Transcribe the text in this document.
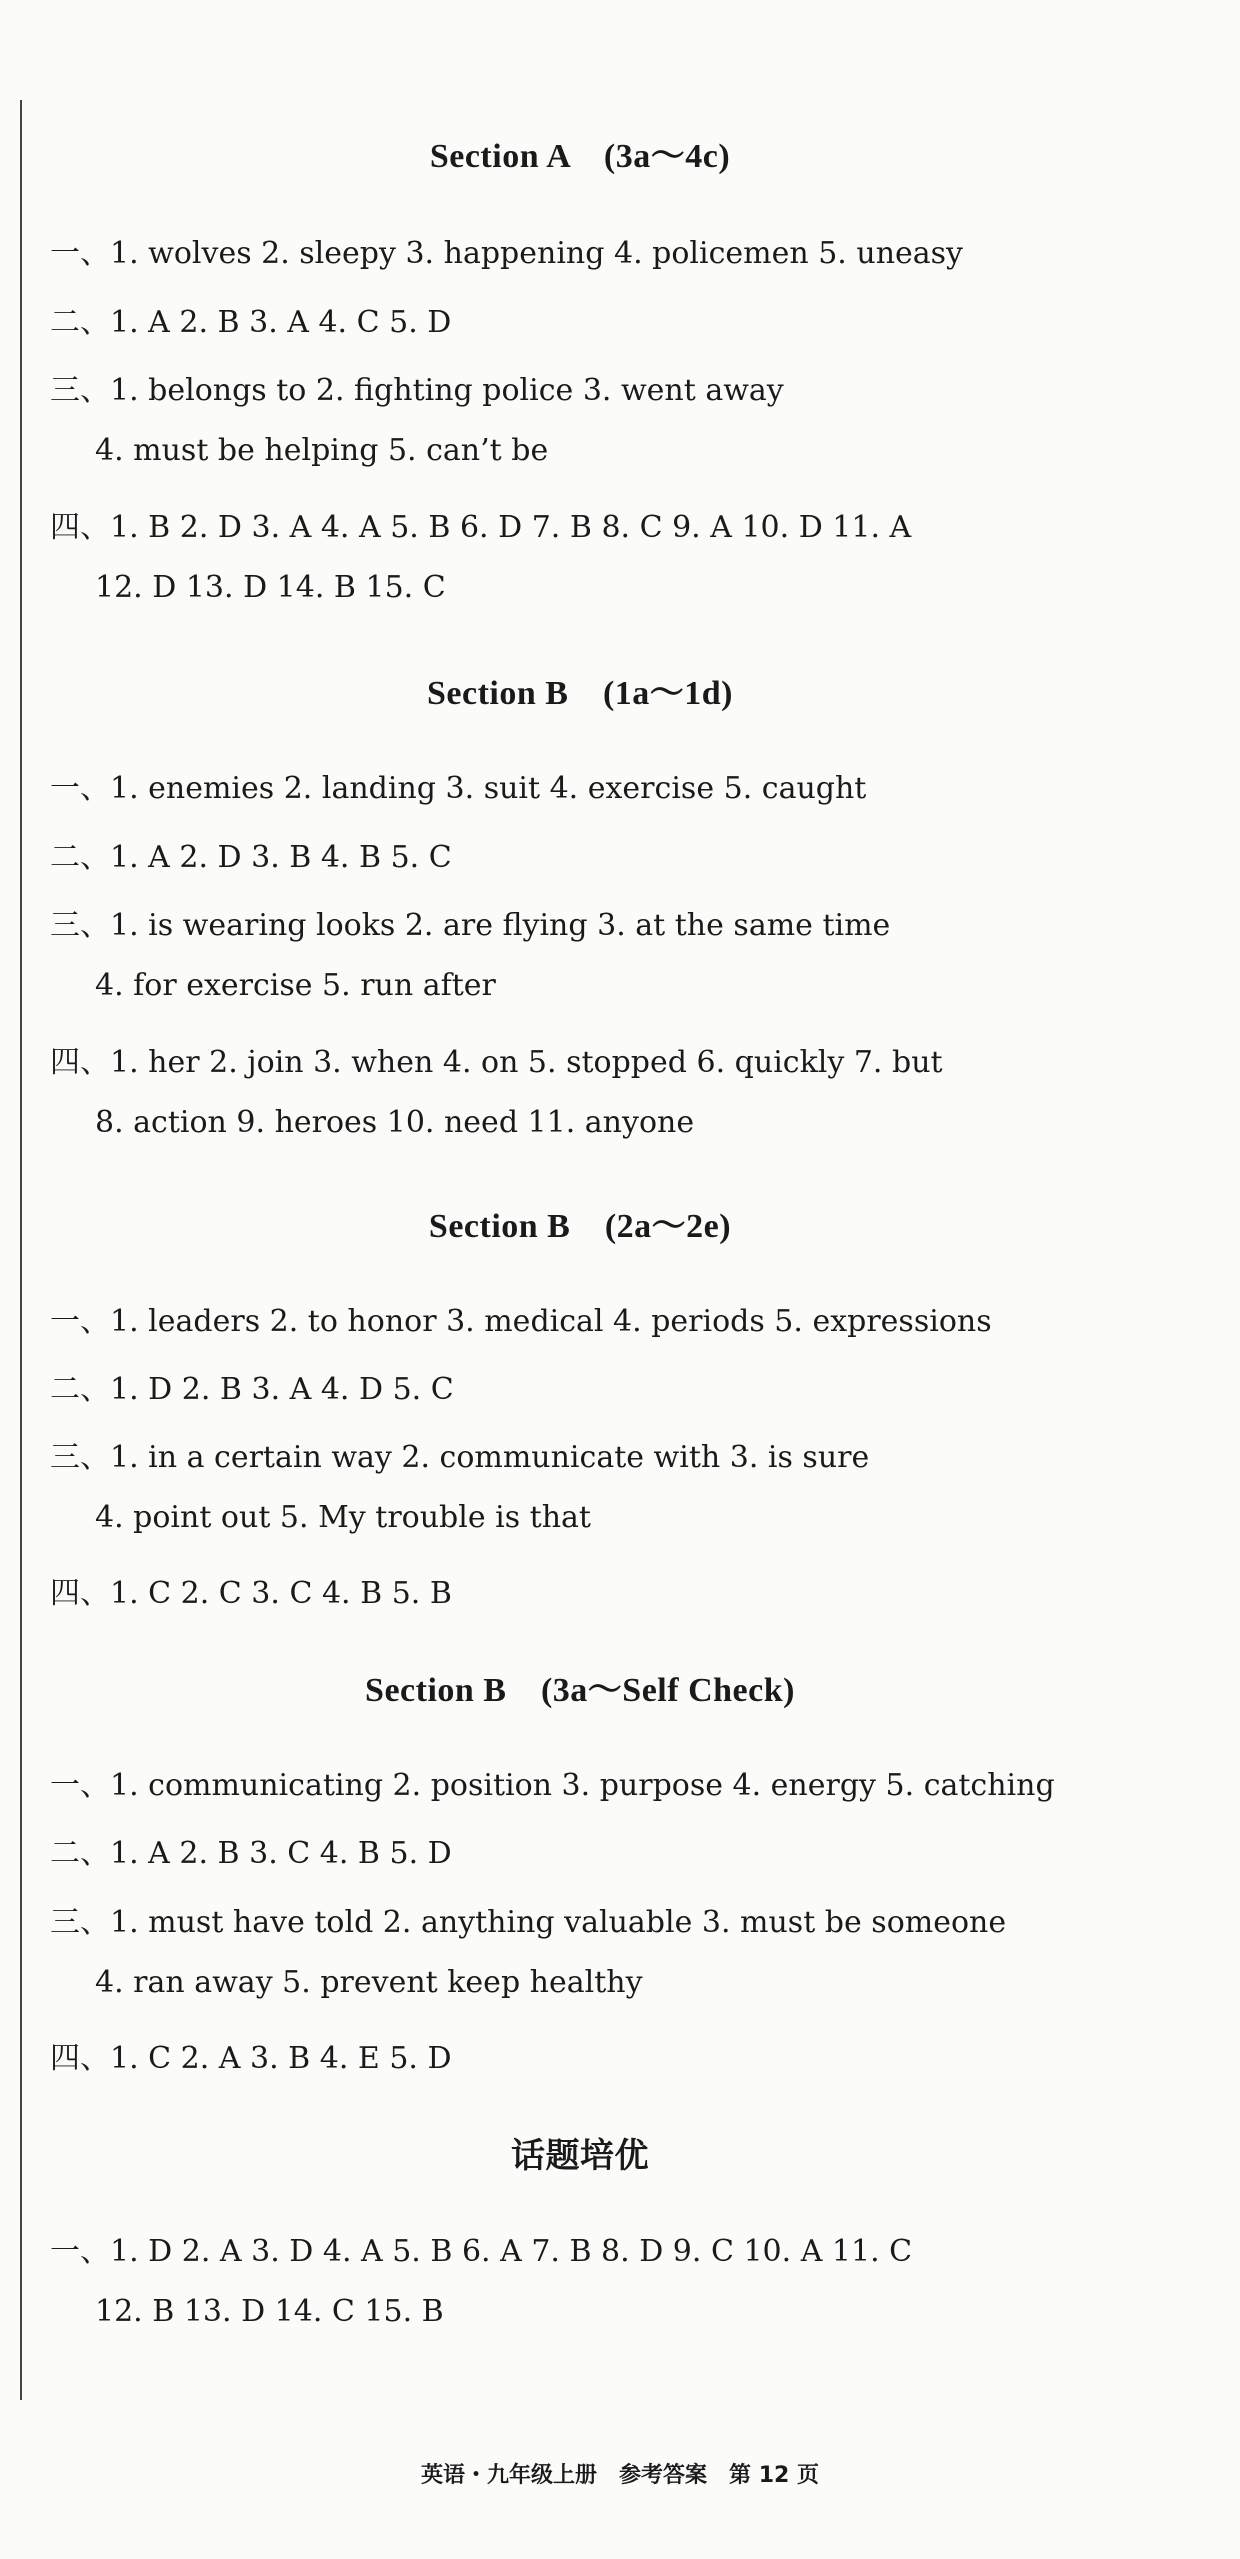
Section A　(3a～4c)
一、1. wolves 2. sleepy 3. happening 4. policemen 5. uneasy
二、1. A 2. B 3. A 4. C 5. D
三、1. belongs to 2. fighting police 3. went away
4. must be helping 5. can’t be
四、1. B 2. D 3. A 4. A 5. B 6. D 7. B 8. C 9. A 10. D 11. A
12. D 13. D 14. B 15. C
Section B　(1a～1d)
一、1. enemies 2. landing 3. suit 4. exercise 5. caught
二、1. A 2. D 3. B 4. B 5. C
三、1. is wearing looks 2. are flying 3. at the same time
4. for exercise 5. run after
四、1. her 2. join 3. when 4. on 5. stopped 6. quickly 7. but
8. action 9. heroes 10. need 11. anyone
Section B　(2a～2e)
一、1. leaders 2. to honor 3. medical 4. periods 5. expressions
二、1. D 2. B 3. A 4. D 5. C
三、1. in a certain way 2. communicate with 3. is sure
4. point out 5. My trouble is that
四、1. C 2. C 3. C 4. B 5. B
Section B　(3a～Self Check)
一、1. communicating 2. position 3. purpose 4. energy 5. catching
二、1. A 2. B 3. C 4. B 5. D
三、1. must have told 2. anything valuable 3. must be someone
4. ran away 5. prevent keep healthy
四、1. C 2. A 3. B 4. E 5. D
话题培优
一、1. D 2. A 3. D 4. A 5. B 6. A 7. B 8. D 9. C 10. A 11. C
12. B 13. D 14. C 15. B
英语・九年级上册　参考答案　第 12 页
